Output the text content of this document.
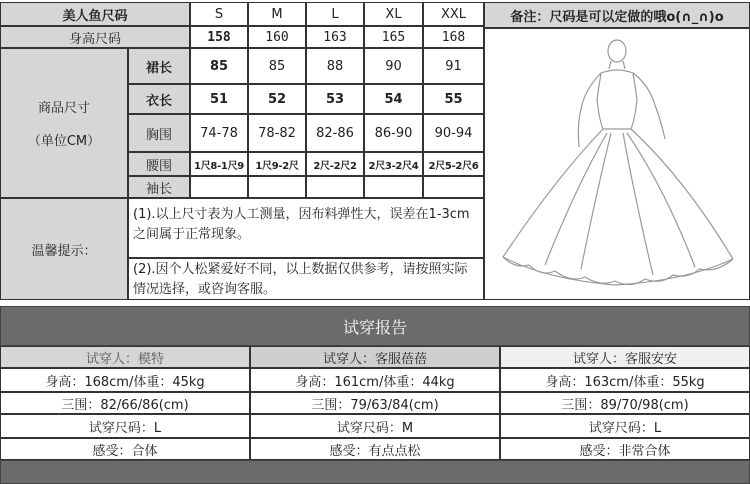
美人鱼尺码	S	M	L	XL	XXL	备注：尺码是可以定做的哦o(∩_∩)o
身高尺码	158	160	163	165	168
商品尺寸
（单位CM）
裙长	85	85	88	90	91
衣长	51	52	53	54	55
胸围	74-78	78-82	82-86	86-90	90-94
腰围	1尺8-1尺9	1尺9-2尺	2尺-2尺2	2尺3-2尺4	2尺5-2尺6
袖长
温馨提示：
(1).以上尺寸表为人工测量，因布料弹性大，误差在1-3cm之间属于正常现象。
(2).因个人松紧爱好不同，以上数据仅供参考，请按照实际情况选择，或咨询客服。
试穿报告
试穿人：模特	试穿人：客服蓓蓓	试穿人：客服安安
身高：168cm/体重：45kg	身高：161cm/体重：44kg	身高：163cm/体重：55kg
三围：82/66/86(cm)	三围：79/63/84(cm)	三围：89/70/98(cm)
试穿尺码：L	试穿尺码：M	试穿尺码：L
感受：合体	感受：有点点松	感受：非常合体
